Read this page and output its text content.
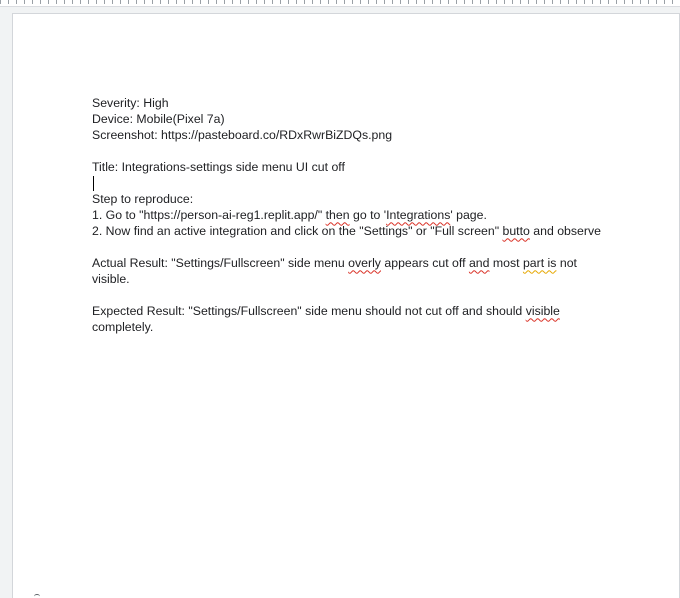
Severity: High
Device: Mobile(Pixel 7a)
Screenshot: https://pasteboard.co/RDxRwrBiZDQs.png
Title: Integrations-settings side menu UI cut off
Step to reproduce:
1. Go to "https://person-ai-reg1.replit.app/" then go to 'Integrations' page.
2. Now find an active integration and click on the "Settings" or "Full screen" butto and observe
Actual Result: "Settings/Fullscreen" side menu overly appears cut off and most part is not visible.
Expected Result: "Settings/Fullscreen" side menu should not cut off and should visible completely.
